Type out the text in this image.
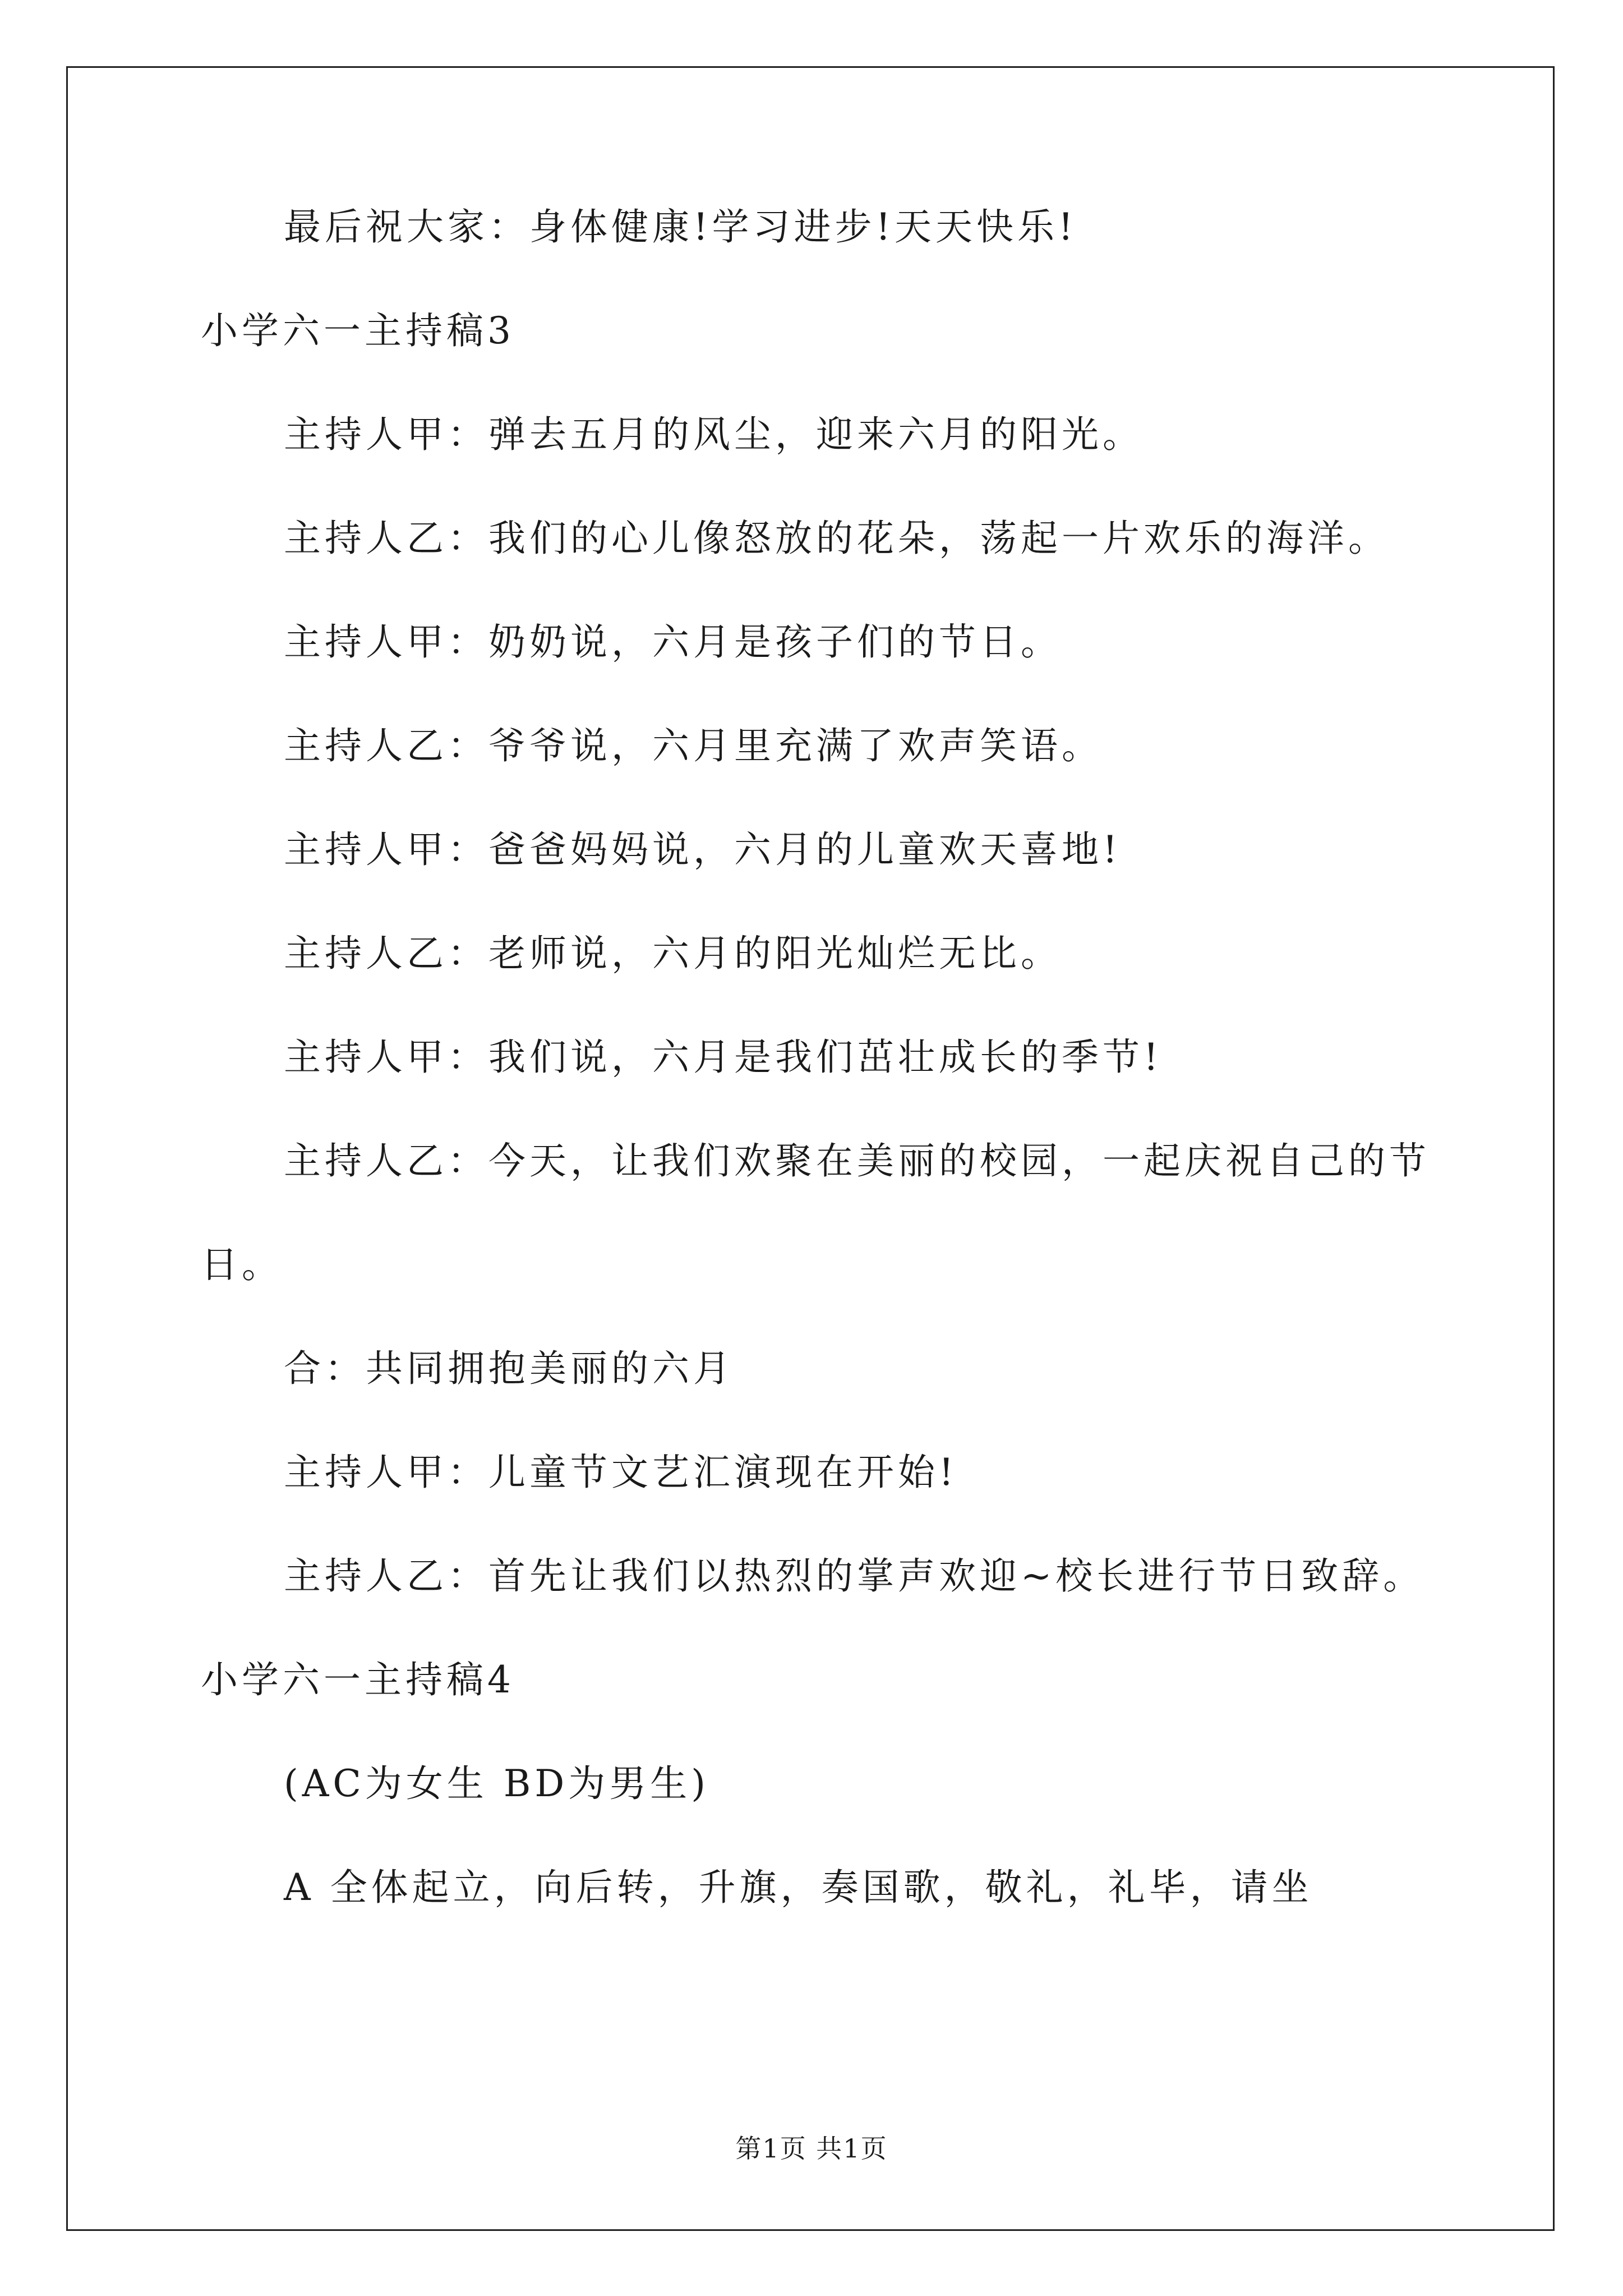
最后祝大家：身体健康!学习进步!天天快乐!
小学六一主持稿3
主持人甲：弹去五月的风尘，迎来六月的阳光。
主持人乙：我们的心儿像怒放的花朵，荡起一片欢乐的海洋。
主持人甲：奶奶说，六月是孩子们的节日。
主持人乙：爷爷说，六月里充满了欢声笑语。
主持人甲：爸爸妈妈说，六月的儿童欢天喜地!
主持人乙：老师说，六月的阳光灿烂无比。
主持人甲：我们说，六月是我们茁壮成长的季节!
主持人乙：今天，让我们欢聚在美丽的校园，一起庆祝自己的节
日。
合：共同拥抱美丽的六月
主持人甲：儿童节文艺汇演现在开始!
主持人乙：首先让我们以热烈的掌声欢迎~校长进行节日致辞。
小学六一主持稿4
(AC为女生 BD为男生)
A 全体起立，向后转，升旗，奏国歌，敬礼，礼毕，请坐
第1页 共1页
